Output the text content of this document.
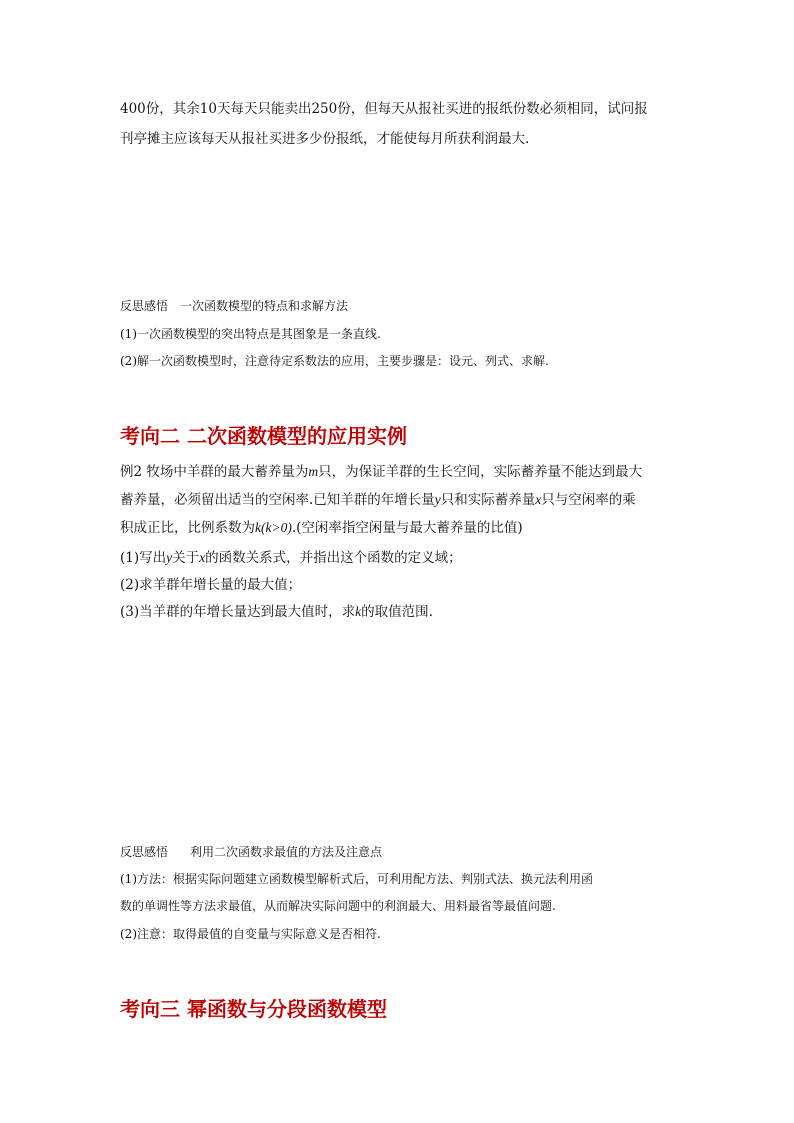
400份，其余10天每天只能卖出250份，但每天从报社买进的报纸份数必须相同，试问报
刊亭摊主应该每天从报社买进多少份报纸，才能使每月所获利润最大.
反思感悟 一次函数模型的特点和求解方法
(1)一次函数模型的突出特点是其图象是一条直线.
(2)解一次函数模型时，注意待定系数法的应用，主要步骤是：设元、列式、求解.
考向二 二次函数模型的应用实例
例2 牧场中羊群的最大蓄养量为m只，为保证羊群的生长空间，实际蓄养量不能达到最大
蓄养量，必须留出适当的空闲率.已知羊群的年增长量y只和实际蓄养量x只与空闲率的乘
积成正比，比例系数为k(k>0).(空闲率指空闲量与最大蓄养量的比值)
(1)写出y关于x的函数关系式，并指出这个函数的定义域；
(2)求羊群年增长量的最大值；
(3)当羊群的年增长量达到最大值时，求k的取值范围.
反思感悟 利用二次函数求最值的方法及注意点
(1)方法：根据实际问题建立函数模型解析式后，可利用配方法、判别式法、换元法利用函
数的单调性等方法求最值，从而解决实际问题中的利润最大、用料最省等最值问题.
(2)注意：取得最值的自变量与实际意义是否相符.
考向三 幂函数与分段函数模型
